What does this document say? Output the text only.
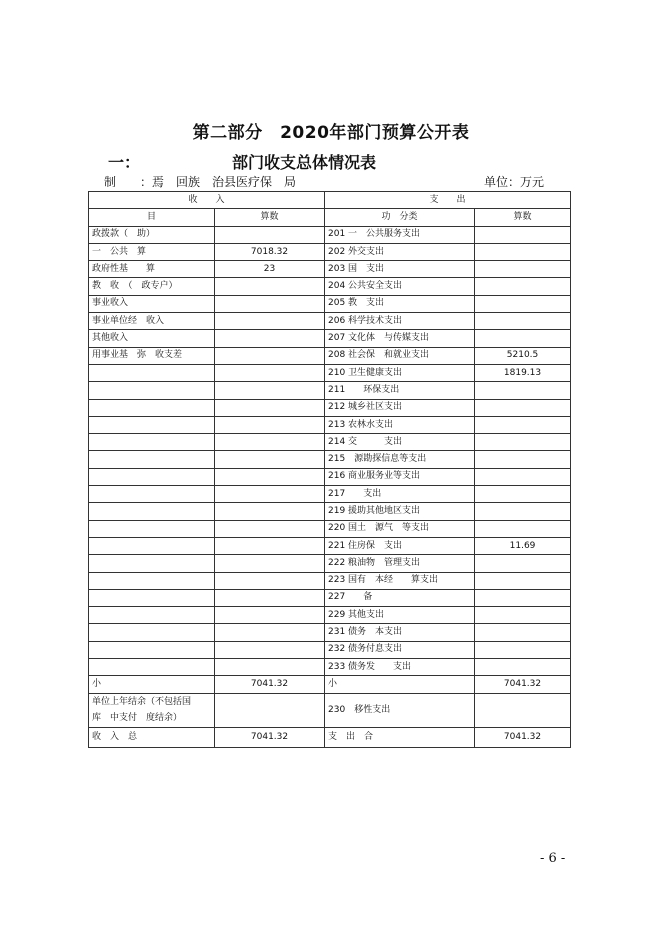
第二部分　2020年部门预算公开表
一：	部门收支总体情况表
制　　：焉　回族　治县医疗保　局	单位：万元
收　　入		支　　出	
目	算数	功　分类	算数
政拨款（　助）		201 一　公共服务支出	
一　公共　算	7018.32	202 外交支出	
政府性基　　算	23	203 国　支出	
教　收　（　政专户）		204 公共安全支出	
事业收入		205 教　支出	
事业单位经　收入		206 科学技术支出	
其他收入		207 文化体　与传媒支出	
用事业基　弥　收支差		208 社会保　和就业支出	5210.5
		210 卫生健康支出	1819.13
		211　　环保支出	
		212 城乡社区支出	
		213 农林水支出	
		214 交　　　支出	
		215　源勘探信息等支出	
		216 商业服务业等支出	
		217　　支出	
		219 援助其他地区支出	
		220 国土　源气　等支出	
		221 住房保　支出	11.69
		222 粮油物　管理支出	
		223 国有　本经　　算支出	
		227　　备	
		229 其他支出	
		231 债务　本支出	
		232 债务付息支出	
		233 债务发　　支出	
小	7041.32	小	7041.32

单位上年结余（不包括国
库　中支付　度结余）		230　移性支出	
收　入　总	7041.32	支　出　合	7041.32
- 6 -
